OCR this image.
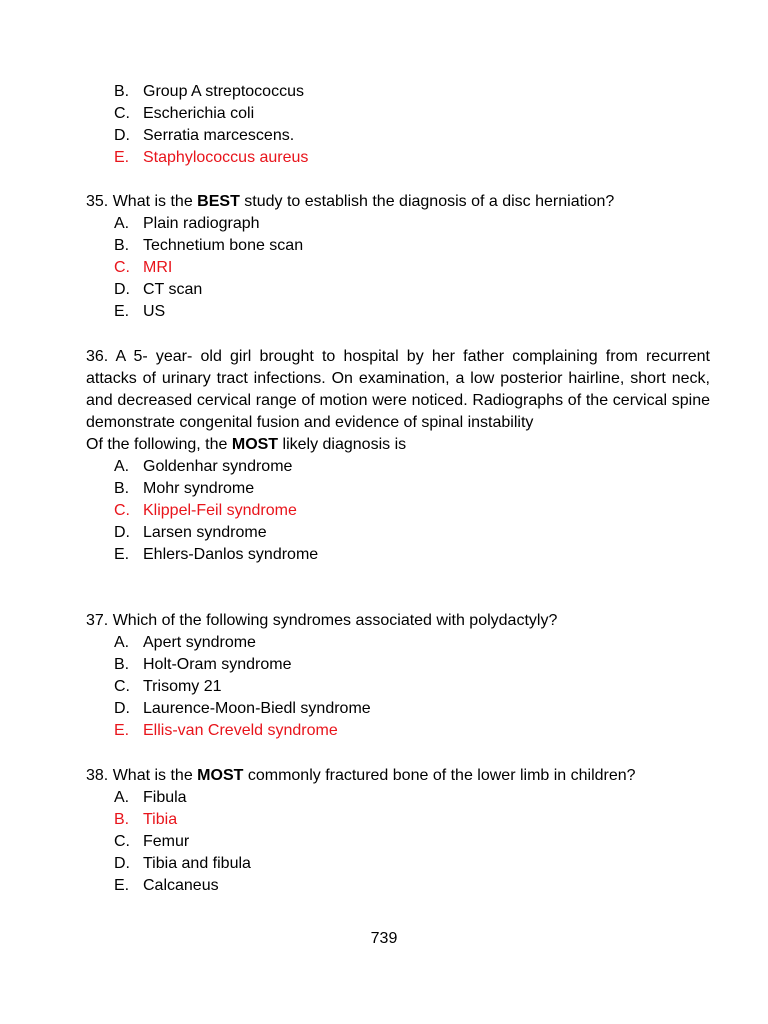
B. Group A streptococcus
C. Escherichia coli
D. Serratia marcescens.
E. Staphylococcus aureus
35. What is the BEST study to establish the diagnosis of a disc herniation?
A. Plain radiograph
B. Technetium bone scan
C. MRI
D. CT scan
E. US

36. A 5- year- old girl brought to hospital by her father complaining from recurrent attacks of urinary tract infections. On examination, a low posterior hairline, short neck, and decreased cervical range of motion were noticed. Radiographs of the cervical spine demonstrate congenital fusion and evidence of spinal instability

Of the following, the MOST likely diagnosis is
A. Goldenhar syndrome
B. Mohr syndrome
C. Klippel-Feil syndrome
D. Larsen syndrome
E. Ehlers-Danlos syndrome
37. Which of the following syndromes associated with polydactyly?
A. Apert syndrome
B. Holt-Oram syndrome
C. Trisomy 21
D. Laurence-Moon-Biedl syndrome
E. Ellis-van Creveld syndrome
38. What is the MOST commonly fractured bone of the lower limb in children?
A. Fibula
B. Tibia
C. Femur
D. Tibia and fibula
E. Calcaneus
739
